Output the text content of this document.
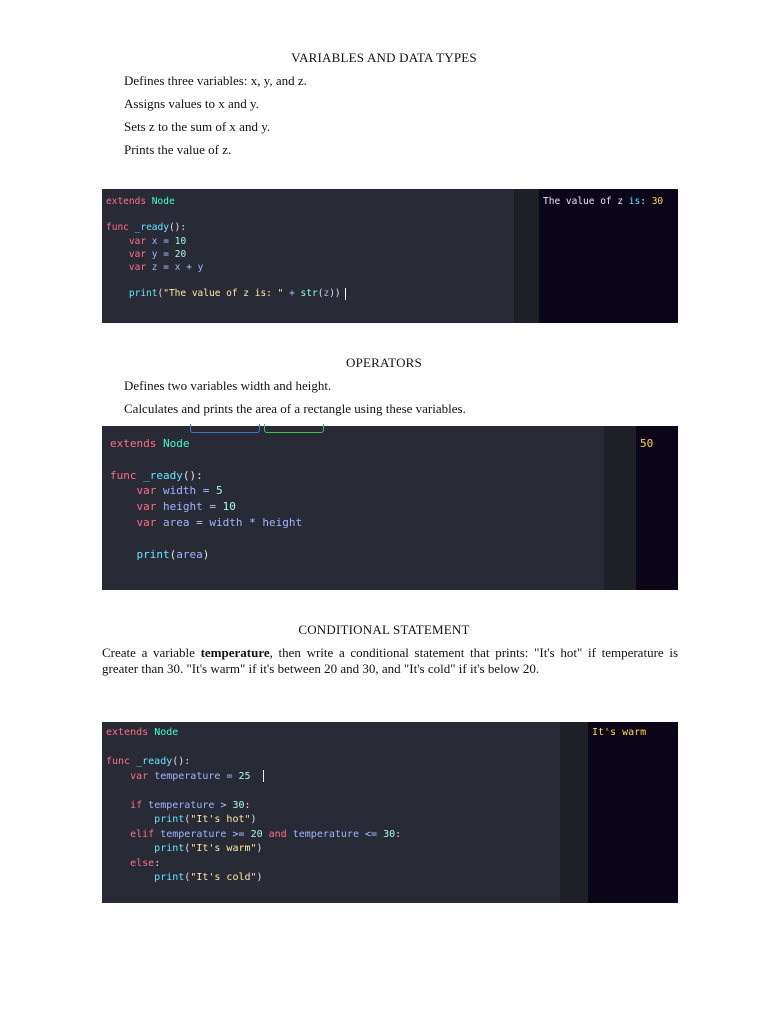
VARIABLES AND DATA TYPES
Defines three variables: x, y, and z.
Assigns values to x and y.
Sets z to the sum of x and y.
Prints the value of z.
extends Node

func _ready():
var x = 10
var y = 20
var z = x + y

print("The value of z is: " + str(z))
The value of z is: 30
OPERATORS
Defines two variables width and height.
Calculates and prints the area of a rectangle using these variables.
extends Node

func _ready():
var width = 5
var height = 10
var area = width * height

print(area)
50
CONDITIONAL STATEMENT
Create a variable temperature, then write a conditional statement that prints: "It's hot" if temperature is greater than 30. "It's warm" if it's between 20 and 30, and "It's cold" if it's below 20.
extends Node

func _ready():
var temperature = 25

if temperature > 30:
print("It's hot")
elif temperature >= 20 and temperature <= 30:
print("It's warm")
else:
print("It's cold")
It's warm
